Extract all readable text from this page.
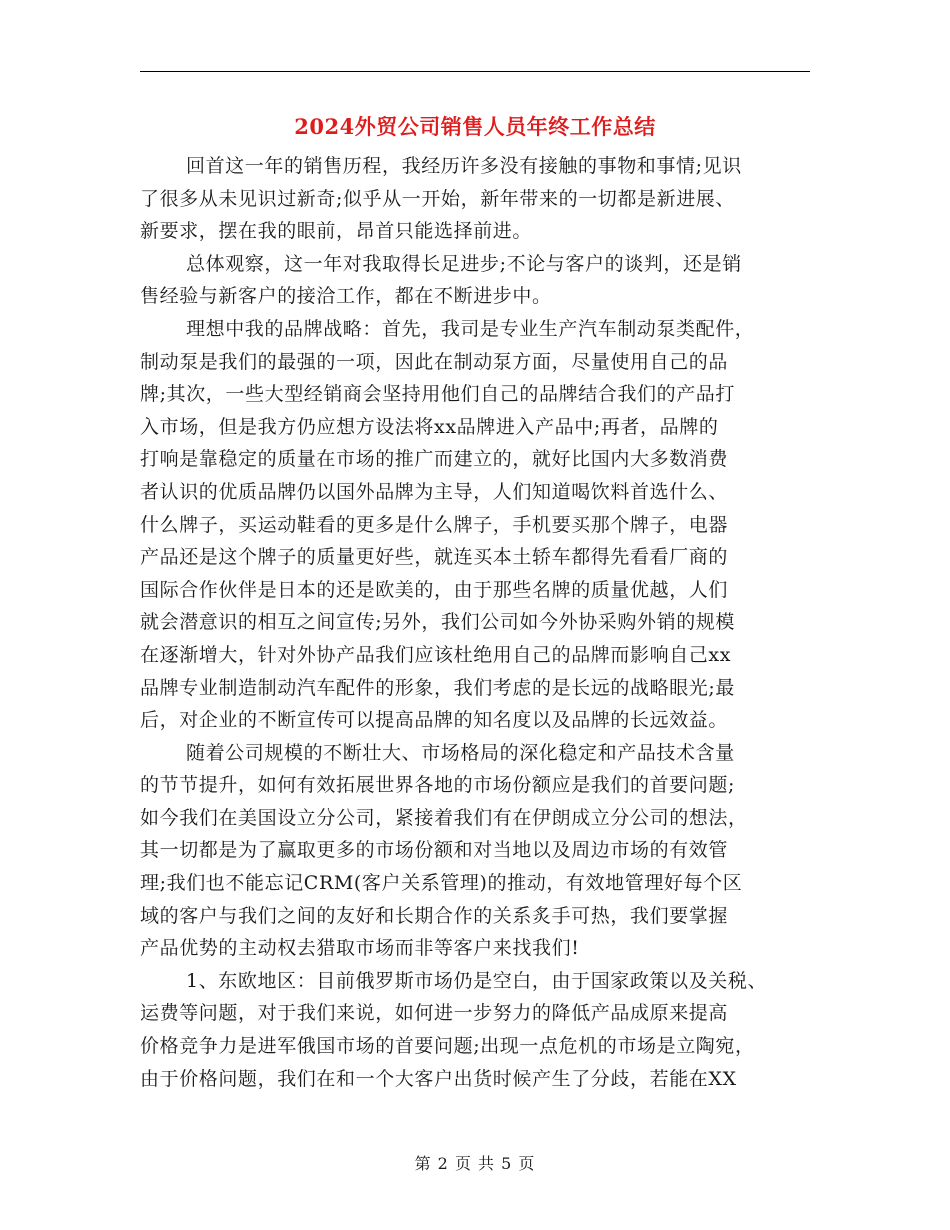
2024外贸公司销售人员年终工作总结
回首这一年的销售历程，我经历许多没有接触的事物和事情;见识
了很多从未见识过新奇;似乎从一开始，新年带来的一切都是新进展、
新要求，摆在我的眼前，昂首只能选择前进。
总体观察，这一年对我取得长足进步;不论与客户的谈判，还是销
售经验与新客户的接洽工作，都在不断进步中。
理想中我的品牌战略：首先，我司是专业生产汽车制动泵类配件，
制动泵是我们的最强的一项，因此在制动泵方面，尽量使用自己的品
牌;其次，一些大型经销商会坚持用他们自己的品牌结合我们的产品打
入市场，但是我方仍应想方设法将xx品牌进入产品中;再者，品牌的
打响是靠稳定的质量在市场的推广而建立的，就好比国内大多数消费
者认识的优质品牌仍以国外品牌为主导，人们知道喝饮料首选什么、
什么牌子，买运动鞋看的更多是什么牌子，手机要买那个牌子，电器
产品还是这个牌子的质量更好些，就连买本土轿车都得先看看厂商的
国际合作伙伴是日本的还是欧美的，由于那些名牌的质量优越，人们
就会潜意识的相互之间宣传;另外，我们公司如今外协采购外销的规模
在逐渐增大，针对外协产品我们应该杜绝用自己的品牌而影响自己xx
品牌专业制造制动汽车配件的形象，我们考虑的是长远的战略眼光;最
后，对企业的不断宣传可以提高品牌的知名度以及品牌的长远效益。
随着公司规模的不断壮大、市场格局的深化稳定和产品技术含量
的节节提升，如何有效拓展世界各地的市场份额应是我们的首要问题;
如今我们在美国设立分公司，紧接着我们有在伊朗成立分公司的想法，
其一切都是为了赢取更多的市场份额和对当地以及周边市场的有效管
理;我们也不能忘记CRM(客户关系管理)的推动，有效地管理好每个区
域的客户与我们之间的友好和长期合作的关系炙手可热，我们要掌握
产品优势的主动权去猎取市场而非等客户来找我们!
1、东欧地区：目前俄罗斯市场仍是空白，由于国家政策以及关税、
运费等问题，对于我们来说，如何进一步努力的降低产品成原来提高
价格竞争力是进军俄国市场的首要问题;出现一点危机的市场是立陶宛，
由于价格问题，我们在和一个大客户出货时候产生了分歧，若能在XX
第 2 页 共 5 页
